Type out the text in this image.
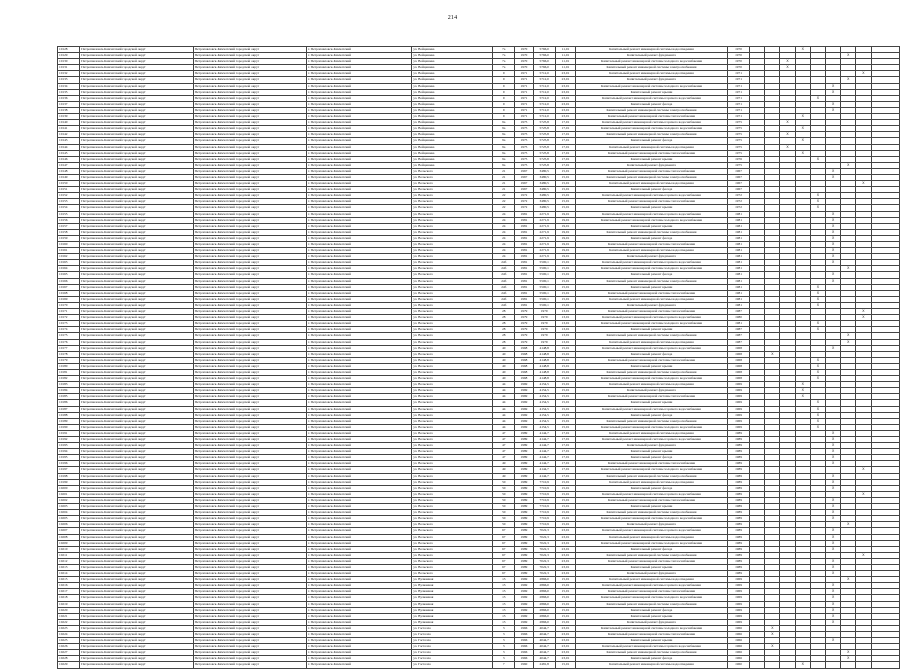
214
10128	Петропавловск-Камчатский городской округ	Петропавловск-Камчатский городской округ	г. Петропавловск-Камчатский	ул. Войцешека	7а	1970	5766,0	11,01	Капитальный ремонт инженерной системы водоотведения	1970				X					
10129	Петропавловск-Камчатский городской округ	Петропавловск-Камчатский городской округ	г. Петропавловск-Камчатский	ул. Войцешека	7а	1970	5766,0	11,01	Капитальный ремонт фундамента	1970							X		
10130	Петропавловск-Камчатский городской округ	Петропавловск-Камчатский городской округ	г. Петропавловск-Камчатский	ул. Войцешека	7а	1970	5766,0	11,01	Капитальный ремонт инженерной системы холодного водоснабжения	1970			X						
10131	Петропавловск-Камчатский городской округ	Петропавловск-Камчатский городской округ	г. Петропавловск-Камчатский	ул. Войцешека	7а	1970	5766,0	11,01	Капитальный ремонт инженерной системы электроснабжения	1970			X						
10132	Петропавловск-Камчатский городской округ	Петропавловск-Камчатский городской округ	г. Петропавловск-Камчатский	ул. Войцешека	9	1971	5712,0	23,01	Капитальный ремонт инженерной системы водоотведения	1971								X	
10133	Петропавловск-Камчатский городской округ	Петропавловск-Камчатский городской округ	г. Петропавловск-Камчатский	ул. Войцешека	9	1971	5712,0	23,01	Капитальный ремонт фундамента	1971							X		
10134	Петропавловск-Камчатский городской округ	Петропавловск-Камчатский городской округ	г. Петропавловск-Камчатский	ул. Войцешека	9	1971	5712,0	23,01	Капитальный ремонт инженерной системы холодного водоснабжения	1971						X			
10135	Петропавловск-Камчатский городской округ	Петропавловск-Камчатский городской округ	г. Петропавловск-Камчатский	ул. Войцешека	9	1971	5712,0	23,01	Капитальный ремонт крыши	1971						X			
10136	Петропавловск-Камчатский городской округ	Петропавловск-Камчатский городской округ	г. Петропавловск-Камчатский	ул. Войцешека	9	1971	5712,0	23,01	Капитальный ремонт инженерной системы горячего водоснабжения	1971					X				
10137	Петропавловск-Камчатский городской округ	Петропавловск-Камчатский городской округ	г. Петропавловск-Камчатский	ул. Войцешека	9	1971	5712,0	23,01	Капитальный ремонт фасада	1971						X			
10138	Петропавловск-Камчатский городской округ	Петропавловск-Камчатский городской округ	г. Петропавловск-Камчатский	ул. Войцешека	9	1971	5712,0	23,01	Капитальный ремонт инженерной системы электроснабжения	1971						X			
10139	Петропавловск-Камчатский городской округ	Петропавловск-Камчатский городской округ	г. Петропавловск-Камчатский	ул. Войцешека	9	1971	5712,0	23,01	Капитальный ремонт инженерной системы теплоснабжения	1971				X					
10140	Петропавловск-Камчатский городской округ	Петропавловск-Камчатский городской округ	г. Петропавловск-Камчатский	ул. Войцешека	9а	1975	5725,8	17,01	Капитальный ремонт инженерной системы горячего водоснабжения	1975			X						
10141	Петропавловск-Камчатский городской округ	Петропавловск-Камчатский городской округ	г. Петропавловск-Камчатский	ул. Войцешека	9а	1975	5725,8	17,01	Капитальный ремонт инженерной системы холодного водоснабжения	1975				X					
10142	Петропавловск-Камчатский городской округ	Петропавловск-Камчатский городской округ	г. Петропавловск-Камчатский	ул. Войцешека	9а	1975	5725,8	17,01	Капитальный ремонт инженерной системы электроснабжения	1975			X						
10143	Петропавловск-Камчатский городской округ	Петропавловск-Камчатский городской округ	г. Петропавловск-Камчатский	ул. Войцешека	9а	1975	5725,8	17,01	Капитальный ремонт фасада	1975				X					
10144	Петропавловск-Камчатский городской округ	Петропавловск-Камчатский городской округ	г. Петропавловск-Камчатский	ул. Войцешека	9а	1975	5725,8	17,01	Капитальный ремонт инженерной системы водоотведения	1975			X						
10145	Петропавловск-Камчатский городской округ	Петропавловск-Камчатский городской округ	г. Петропавловск-Камчатский	ул. Войцешека	9а	1975	5725,8	17,01	Капитальный ремонт инженерной системы теплоснабжения	1975				X					
10146	Петропавловск-Камчатский городской округ	Петропавловск-Камчатский городской округ	г. Петропавловск-Камчатский	ул. Войцешека	9а	1975	5725,8	17,01	Капитальный ремонт крыши	1976					X				
10147	Петропавловск-Камчатский городской округ	Петропавловск-Камчатский городской округ	г. Петропавловск-Камчатский	ул. Войцешека	9а	1975	5725,8	17,01	Капитальный ремонт фундамента	1975							X		
10148	Петропавловск-Камчатский городской округ	Петропавловск-Камчатский городской округ	г. Петропавловск-Камчатский	ул. Вольского	21	1967	3480,5	15,01	Капитальный ремонт инженерной системы теплоснабжения	1967						X			
10149	Петропавловск-Камчатский городской округ	Петропавловск-Камчатский городской округ	г. Петропавловск-Камчатский	ул. Вольского	21	1967	3480,5	15,01	Капитальный ремонт инженерной системы электроснабжения	1967						X			
10150	Петропавловск-Камчатский городской округ	Петропавловск-Камчатский городской округ	г. Петропавловск-Камчатский	ул. Вольского	21	1967	3480,5	15,01	Капитальный ремонт инженерной системы водоотведения	1967								X	
10151	Петропавловск-Камчатский городской округ	Петропавловск-Камчатский городской округ	г. Петропавловск-Камчатский	ул. Вольского	21	1967	3480,5	15,01	Капитальный ремонт фасада	1967									
10152	Петропавловск-Камчатский городской округ	Петропавловск-Камчатский городской округ	г. Петропавловск-Камчатский	ул. Вольского	22	1972	3480,5	15,01	Капитальный ремонт инженерной системы горячего водоснабжения	1972					X				
10153	Петропавловск-Камчатский городской округ	Петропавловск-Камчатский городской округ	г. Петропавловск-Камчатский	ул. Вольского	22	1972	3480,5	15,01	Капитальный ремонт инженерной системы теплоснабжения	1972					X				
10154	Петропавловск-Камчатский городской округ	Петропавловск-Камчатский городской округ	г. Петропавловск-Камчатский	ул. Вольского	22	1972	3480,5	15,01	Капитальный ремонт крыши	1972					X				
10155	Петропавловск-Камчатский городской округ	Петропавловск-Камчатский городской округ	г. Петропавловск-Камчатский	ул. Вольского	24	1981	2271,9	19,01	Капитальный ремонт инженерной системы горячего водоснабжения	1981						X			
10156	Петропавловск-Камчатский городской округ	Петропавловск-Камчатский городской округ	г. Петропавловск-Камчатский	ул. Вольского	24	1981	2271,9	19,01	Капитальный ремонт инженерной системы холодного водоснабжения	1981						X			
10157	Петропавловск-Камчатский городской округ	Петропавловск-Камчатский городской округ	г. Петропавловск-Камчатский	ул. Вольского	24	1981	2271,9	19,01	Капитальный ремонт крыши	1981						X			
10158	Петропавловск-Камчатский городской округ	Петропавловск-Камчатский городской округ	г. Петропавловск-Камчатский	ул. Вольского	24	1981	2271,9	19,01	Капитальный ремонт инженерной системы электроснабжения	1981						X			
10159	Петропавловск-Камчатский городской округ	Петропавловск-Камчатский городской округ	г. Петропавловск-Камчатский	ул. Вольского	24	1981	2271,9	19,01	Капитальный ремонт фасада	1981						X			
10160	Петропавловск-Камчатский городской округ	Петропавловск-Камчатский городской округ	г. Петропавловск-Камчатский	ул. Вольского	24	1981	2271,9	19,01	Капитальный ремонт инженерной системы теплоснабжения	1981						X			
10161	Петропавловск-Камчатский городской округ	Петропавловск-Камчатский городской округ	г. Петропавловск-Камчатский	ул. Вольского	24	1981	2271,9	19,01	Капитальный ремонт инженерной системы водоотведения	1981						X			
10162	Петропавловск-Камчатский городской округ	Петропавловск-Камчатский городской округ	г. Петропавловск-Камчатский	ул. Вольского	24	1981	2271,9	19,01	Капитальный ремонт фундамента	1981						X			
10163	Петропавловск-Камчатский городской округ	Петропавловск-Камчатский городской округ	г. Петропавловск-Камчатский	ул. Вольского	24б	1981	5500,1	15,01	Капитальный ремонт инженерной системы горячего водоснабжения	1981						X			
10164	Петропавловск-Камчатский городской округ	Петропавловск-Камчатский городской округ	г. Петропавловск-Камчатский	ул. Вольского	24б	1981	5500,1	15,01	Капитальный ремонт инженерной системы холодного водоснабжения	1981							X		
10165	Петропавловск-Камчатский городской округ	Петропавловск-Камчатский городской округ	г. Петропавловск-Камчатский	ул. Вольского	24б	1981	5500,1	15,01	Капитальный ремонт фасада	1981						X			
10166	Петропавловск-Камчатский городской округ	Петропавловск-Камчатский городской округ	г. Петропавловск-Камчатский	ул. Вольского	24б	1981	5500,1	15,01	Капитальный ремонт инженерной системы электроснабжения	1981						X			
10167	Петропавловск-Камчатский городской округ	Петропавловск-Камчатский городской округ	г. Петропавловск-Камчатский	ул. Вольского	24б	1981	5500,1	15,01	Капитальный ремонт крыши	1981					X				
10168	Петропавловск-Камчатский городской округ	Петропавловск-Камчатский городской округ	г. Петропавловск-Камчатский	ул. Вольского	24б	1981	5500,1	15,01	Капитальный ремонт инженерной системы теплоснабжения	1981					X				
10169	Петропавловск-Камчатский городской округ	Петропавловск-Камчатский городской округ	г. Петропавловск-Камчатский	ул. Вольского	24б	1981	5500,1	15,01	Капитальный ремонт инженерной системы водоотведения	1981					X				
10170	Петропавловск-Камчатский городской округ	Петропавловск-Камчатский городской округ	г. Петропавловск-Камчатский	ул. Вольского	24б	1981	5500,1	15,01	Капитальный ремонт фундамента	1981					X				
10171	Петропавловск-Камчатский городской округ	Петропавловск-Камчатский городской округ	г. Петропавловск-Камчатский	ул. Вольского	28	1979	1979	13,01	Капитальный ремонт инженерной системы теплоснабжения	1987								X	
10172	Петропавловск-Камчатский городской округ	Петропавловск-Камчатский городской округ	г. Петропавловск-Камчатский	ул. Вольского	28	1979	1979	13,01	Капитальный ремонт инженерной системы горячего водоснабжения	1980								X	
10173	Петропавловск-Камчатский городской округ	Петропавловск-Камчатский городской округ	г. Петропавловск-Камчатский	ул. Вольского	28	1979	1979	13,01	Капитальный ремонт инженерной системы холодного водоснабжения	1981					X				
10174	Петропавловск-Камчатский городской округ	Петропавловск-Камчатский городской округ	г. Петропавловск-Камчатский	ул. Вольского	28	1979	1979	13,01	Капитальный ремонт крыши	1987					X				
10175	Петропавловск-Камчатский городской округ	Петропавловск-Камчатский городской округ	г. Петропавловск-Камчатский	ул. Вольского	28	1979	1979	13,01	Капитальный ремонт инженерной системы электроснабжения	1987							X		
10176	Петропавловск-Камчатский городской округ	Петропавловск-Камчатский городской округ	г. Петропавловск-Камчатский	ул. Вольского	28	1979	1979	13,01	Капитальный ремонт инженерной системы водоотведения	1987							X		
10177	Петропавловск-Камчатский городской округ	Петропавловск-Камчатский городской округ	г. Петропавловск-Камчатский	ул. Вольского	40	1968	4148,8	15,01	Капитальный ремонт инженерной системы горячего водоснабжения	1968						X			
10178	Петропавловск-Камчатский городской округ	Петропавловск-Камчатский городской округ	г. Петропавловск-Камчатский	ул. Вольского	40	1968	4148,8	15,01	Капитальный ремонт фасада	1968		X							
10179	Петропавловск-Камчатский городской округ	Петропавловск-Камчатский городской округ	г. Петропавловск-Камчатский	ул. Вольского	40	1968	4148,8	15,01	Капитальный ремонт инженерной системы теплоснабжения	1968					X				
10180	Петропавловск-Камчатский городской округ	Петропавловск-Камчатский городской округ	г. Петропавловск-Камчатский	ул. Вольского	40	1968	4148,8	15,01	Капитальный ремонт крыши	1968					X				
10181	Петропавловск-Камчатский городской округ	Петропавловск-Камчатский городской округ	г. Петропавловск-Камчатский	ул. Вольского	40	1968	4148,8	15,01	Капитальный ремонт инженерной системы электроснабжения	1968					X				
10182	Петропавловск-Камчатский городской округ	Петропавловск-Камчатский городской округ	г. Петропавловск-Камчатский	ул. Вольского	40	1968	4148,8	15,01	Капитальный ремонт инженерной системы холодного водоснабжения	1968					X				
10183	Петропавловск-Камчатский городской округ	Петропавловск-Камчатский городской округ	г. Петропавловск-Камчатский	ул. Вольского	44	1969	4154,5	15,01	Капитальный ремонт инженерной системы водоотведения	1969				X					
10184	Петропавловск-Камчатский городской округ	Петропавловск-Камчатский городской округ	г. Петропавловск-Камчатский	ул. Вольского	44	1969	4154,5	15,01	Капитальный ремонт фундамента	1969				X					
10185	Петропавловск-Камчатский городской округ	Петропавловск-Камчатский городской округ	г. Петропавловск-Камчатский	ул. Вольского	44	1969	4154,5	15,01	Капитальный ремонт инженерной системы теплоснабжения	1969				X					
10186	Петропавловск-Камчатский городской округ	Петропавловск-Камчатский городской округ	г. Петропавловск-Камчатский	ул. Вольского	44	1969	4154,5	15,01	Капитальный ремонт крыши	1969					X				
10187	Петропавловск-Камчатский городской округ	Петропавловск-Камчатский городской округ	г. Петропавловск-Камчатский	ул. Вольского	44	1969	4154,5	15,01	Капитальный ремонт инженерной системы горячего водоснабжения	1969					X				
10188	Петропавловск-Камчатский городской округ	Петропавловск-Камчатский городской округ	г. Петропавловск-Камчатский	ул. Вольского	44	1969	4154,5	15,01	Капитальный ремонт фасада	1969					X				
10189	Петропавловск-Камчатский городской округ	Петропавловск-Камчатский городской округ	г. Петропавловск-Камчатский	ул. Вольского	44	1969	4154,5	15,01	Капитальный ремонт инженерной системы электроснабжения	1969					X				
10190	Петропавловск-Камчатский городской округ	Петропавловск-Камчатский городской округ	г. Петропавловск-Камчатский	ул. Вольского	44	1969	4154,5	15,01	Капитальный ремонт инженерной системы холодного водоснабжения	1969					X				
10191	Петропавловск-Камчатский городской округ	Петропавловск-Камчатский городской округ	г. Петропавловск-Камчатский	ул. Вольского	47	1989	4144,7	17,01	Капитальный ремонт инженерной системы водоотведения	1989						X			
10192	Петропавловск-Камчатский городской округ	Петропавловск-Камчатский городской округ	г. Петропавловск-Камчатский	ул. Вольского	47	1989	4144,7	17,01	Капитальный ремонт инженерной системы горячего водоснабжения	1989						X			
10193	Петропавловск-Камчатский городской округ	Петропавловск-Камчатский городской округ	г. Петропавловск-Камчатский	ул. Вольского	47	1989	4144,7	17,01	Капитальный ремонт фундамента	1989						X			
10194	Петропавловск-Камчатский городской округ	Петропавловск-Камчатский городской округ	г. Петропавловск-Камчатский	ул. Вольского	47	1989	4144,7	17,01	Капитальный ремонт крыши	1989						X			
10195	Петропавловск-Камчатский городской округ	Петропавловск-Камчатский городской округ	г. Петропавловск-Камчатский	ул. Вольского	47	1989	4144,7	17,01	Капитальный ремонт фасада	1989						X			
10196	Петропавловск-Камчатский городской округ	Петропавловск-Камчатский городской округ	г. Петропавловск-Камчатский	ул. Вольского	49	1989	4144,7	17,01	Капитальный ремонт инженерной системы теплоснабжения	1989						X			
10197	Петропавловск-Камчатский городской округ	Петропавловск-Камчатский городской округ	г. Петропавловск-Камчатский	ул. Вольского	49	1989	4144,7	17,01	Капитальный ремонт инженерной системы холодного водоснабжения	1989								X	
10198	Петропавловск-Камчатский городской округ	Петропавловск-Камчатский городской округ	г. Петропавловск-Камчатский	ул. Вольского	49	1989	4144,7	17,01	Капитальный ремонт инженерной системы электроснабжения	1989						X			
10199	Петропавловск-Камчатский городской округ	Петропавловск-Камчатский городской округ	г. Петропавловск-Камчатский	ул. Вольского	50	1989	7710,9	15,01	Капитальный ремонт инженерной системы водоотведения	1989						X			
10200	Петропавловск-Камчатский городской округ	Петропавловск-Камчатский городской округ	г. Петропавловск-Камчатский	ул. Вольского	50	1989	7710,9	15,01	Капитальный ремонт фасада	1989						X			
10201	Петропавловск-Камчатский городской округ	Петропавловск-Камчатский городской округ	г. Петропавловск-Камчатский	ул. Вольского	50	1989	7710,9	15,01	Капитальный ремонт инженерной системы горячего водоснабжения	1989								X	
10202	Петропавловск-Камчатский городской округ	Петропавловск-Камчатский городской округ	г. Петропавловск-Камчатский	ул. Вольского	50	1989	7710,9	15,01	Капитальный ремонт инженерной системы теплоснабжения	1989						X			
10203	Петропавловск-Камчатский городской округ	Петропавловск-Камчатский городской округ	г. Петропавловск-Камчатский	ул. Вольского	50	1989	7710,9	15,01	Капитальный ремонт крыши	1989						X			
10204	Петропавловск-Камчатский городской округ	Петропавловск-Камчатский городской округ	г. Петропавловск-Камчатский	ул. Вольского	50	1989	7710,9	15,01	Капитальный ремонт инженерной системы электроснабжения	1989						X			
10205	Петропавловск-Камчатский городской округ	Петропавловск-Камчатский городской округ	г. Петропавловск-Камчатский	ул. Вольского	50	1989	7710,9	15,01	Капитальный ремонт инженерной системы холодного водоснабжения	1989						X			
10206	Петропавловск-Камчатский городской округ	Петропавловск-Камчатский городской округ	г. Петропавловск-Камчатский	ул. Вольского	50	1989	7710,9	15,01	Капитальный ремонт фундамента	1989							X		
10207	Петропавловск-Камчатский городской округ	Петропавловск-Камчатский городской округ	г. Петропавловск-Камчатский	ул. Вольского	67	1989	7022,3	23,01	Капитальный ремонт инженерной системы горячего водоснабжения	1989						X			
10208	Петропавловск-Камчатский городской округ	Петропавловск-Камчатский городской округ	г. Петропавловск-Камчатский	ул. Вольского	67	1989	7022,3	23,01	Капитальный ремонт инженерной системы водоотведения	1989						X			
10209	Петропавловск-Камчатский городской округ	Петропавловск-Камчатский городской округ	г. Петропавловск-Камчатский	ул. Вольского	67	1989	7022,3	23,01	Капитальный ремонт инженерной системы холодного водоснабжения	1989						X			
10210	Петропавловск-Камчатский городской округ	Петропавловск-Камчатский городской округ	г. Петропавловск-Камчатский	ул. Вольского	67	1989	7022,3	23,01	Капитальный ремонт фасада	1989						X			
10211	Петропавловск-Камчатский городской округ	Петропавловск-Камчатский городской округ	г. Петропавловск-Камчатский	ул. Вольского	67	1989	7022,3	23,01	Капитальный ремонт инженерной системы электроснабжения	1989								X	
10212	Петропавловск-Камчатский городской округ	Петропавловск-Камчатский городской округ	г. Петропавловск-Камчатский	ул. Вольского	67	1989	7022,3	23,01	Капитальный ремонт инженерной системы теплоснабжения	1989						X			
10213	Петропавловск-Камчатский городской округ	Петропавловск-Камчатский городской округ	г. Петропавловск-Камчатский	ул. Вольского	67	1989	7022,3	23,01	Капитальный ремонт крыши	1989						X			
10214	Петропавловск-Камчатский городской округ	Петропавловск-Камчатский городской округ	г. Петропавловск-Камчатский	ул. Вольского	67	1989	7022,3	23,01	Капитальный ремонт фундамента	1989						X			
10215	Петропавловск-Камчатский городской округ	Петропавловск-Камчатский городской округ	г. Петропавловск-Камчатский	ул. Вулканная	13	1969	2866,0	15,01	Капитальный ремонт инженерной системы водоотведения	1969							X		
10216	Петропавловск-Камчатский городской округ	Петропавловск-Камчатский городской округ	г. Петропавловск-Камчатский	ул. Вулканная	13	1969	2866,0	15,01	Капитальный ремонт инженерной системы горячего водоснабжения	1969						X			
10217	Петропавловск-Камчатский городской округ	Петропавловск-Камчатский городской округ	г. Петропавловск-Камчатский	ул. Вулканная	13	1969	2866,0	15,01	Капитальный ремонт инженерной системы теплоснабжения	1969						X			
10218	Петропавловск-Камчатский городской округ	Петропавловск-Камчатский городской округ	г. Петропавловск-Камчатский	ул. Вулканная	13	1969	2866,0	15,01	Капитальный ремонт инженерной системы холодного водоснабжения	1969						X			
10219	Петропавловск-Камчатский городской округ	Петропавловск-Камчатский городской округ	г. Петропавловск-Камчатский	ул. Вулканная	13	1969	2866,0	15,01	Капитальный ремонт инженерной системы электроснабжения	1969						X			
10220	Петропавловск-Камчатский городской округ	Петропавловск-Камчатский городской округ	г. Петропавловск-Камчатский	ул. Вулканная	13	1969	2866,0	15,01	Капитальный ремонт фасада	1969						X			
10221	Петропавловск-Камчатский городской округ	Петропавловск-Камчатский городской округ	г. Петропавловск-Камчатский	ул. Вулканная	13	1969	2866,0	15,01	Капитальный ремонт крыши	1969						X			
10222	Петропавловск-Камчатский городской округ	Петропавловск-Камчатский городской округ	г. Петропавловск-Камчатский	ул. Вулканная	13	1969	2866,0	15,01	Капитальный ремонт фундамента	1969						X			
10223	Петропавловск-Камчатский городской округ	Петропавловск-Камчатский городской округ	г. Петропавловск-Камчатский	ул. Гастелло	3	1966	4044,7	23,01	Капитальный ремонт инженерной системы холодного водоснабжения	1966		X							
10224	Петропавловск-Камчатский городской округ	Петропавловск-Камчатский городской округ	г. Петропавловск-Камчатский	ул. Гастелло	3	1966	4044,7	23,01	Капитальный ремонт инженерной системы теплоснабжения	1966		X							
10225	Петропавловск-Камчатский городской округ	Петропавловск-Камчатский городской округ	г. Петропавловск-Камчатский	ул. Гастелло	3	1966	4044,7	23,01	Капитальный ремонт крыши	1966						X			
10226	Петропавловск-Камчатский городской округ	Петропавловск-Камчатский городской округ	г. Петропавловск-Камчатский	ул. Гастелло	3	1966	4044,7	23,01	Капитальный ремонт инженерной системы горячего водоснабжения	1966		X							
10227	Петропавловск-Камчатский городской округ	Петропавловск-Камчатский городской округ	г. Петропавловск-Камчатский	ул. Гастелло	3	1966	4044,7	23,01	Капитальный ремонт инженерной системы электроснабжения	1966							X		
10228	Петропавловск-Камчатский городской округ	Петропавловск-Камчатский городской округ	г. Петропавловск-Камчатский	ул. Гастелло	3	1966	4044,7	23,01	Капитальный ремонт фасада	1966							X		
10229	Петропавловск-Камчатский городской округ	Петропавловск-Камчатский городской округ	г. Петропавловск-Камчатский	ул. Гастелло	7	1960	2481,8	15,01	Капитальный ремонт инженерной системы водоотведения	1960				X					
